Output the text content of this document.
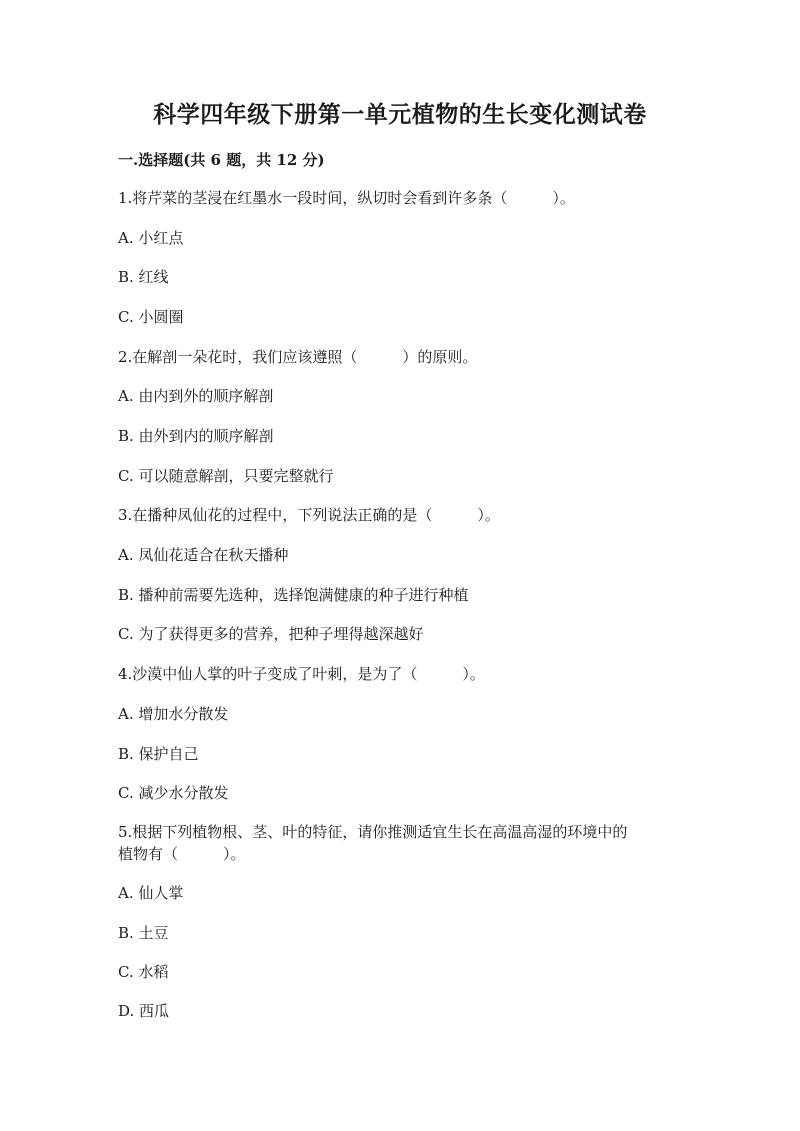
科学四年级下册第一单元植物的生长变化测试卷
一.选择题(共 6 题，共 12 分)
1.将芹菜的茎浸在红墨水一段时间，纵切时会看到许多条（　　　）。
A. 小红点
B. 红线
C. 小圆圈
2.在解剖一朵花时，我们应该遵照（　　　）的原则。
A. 由内到外的顺序解剖
B. 由外到内的顺序解剖
C. 可以随意解剖，只要完整就行
3.在播种凤仙花的过程中，下列说法正确的是（　　　）。
A. 凤仙花适合在秋天播种
B. 播种前需要先选种，选择饱满健康的种子进行种植
C. 为了获得更多的营养，把种子埋得越深越好
4.沙漠中仙人掌的叶子变成了叶刺，是为了（　　　）。
A. 增加水分散发
B. 保护自己
C. 减少水分散发
5.根据下列植物根、茎、叶的特征，请你推测适宜生长在高温高湿的环境中的
植物有（　　　）。
A. 仙人掌
B. 土豆
C. 水稻
D. 西瓜
